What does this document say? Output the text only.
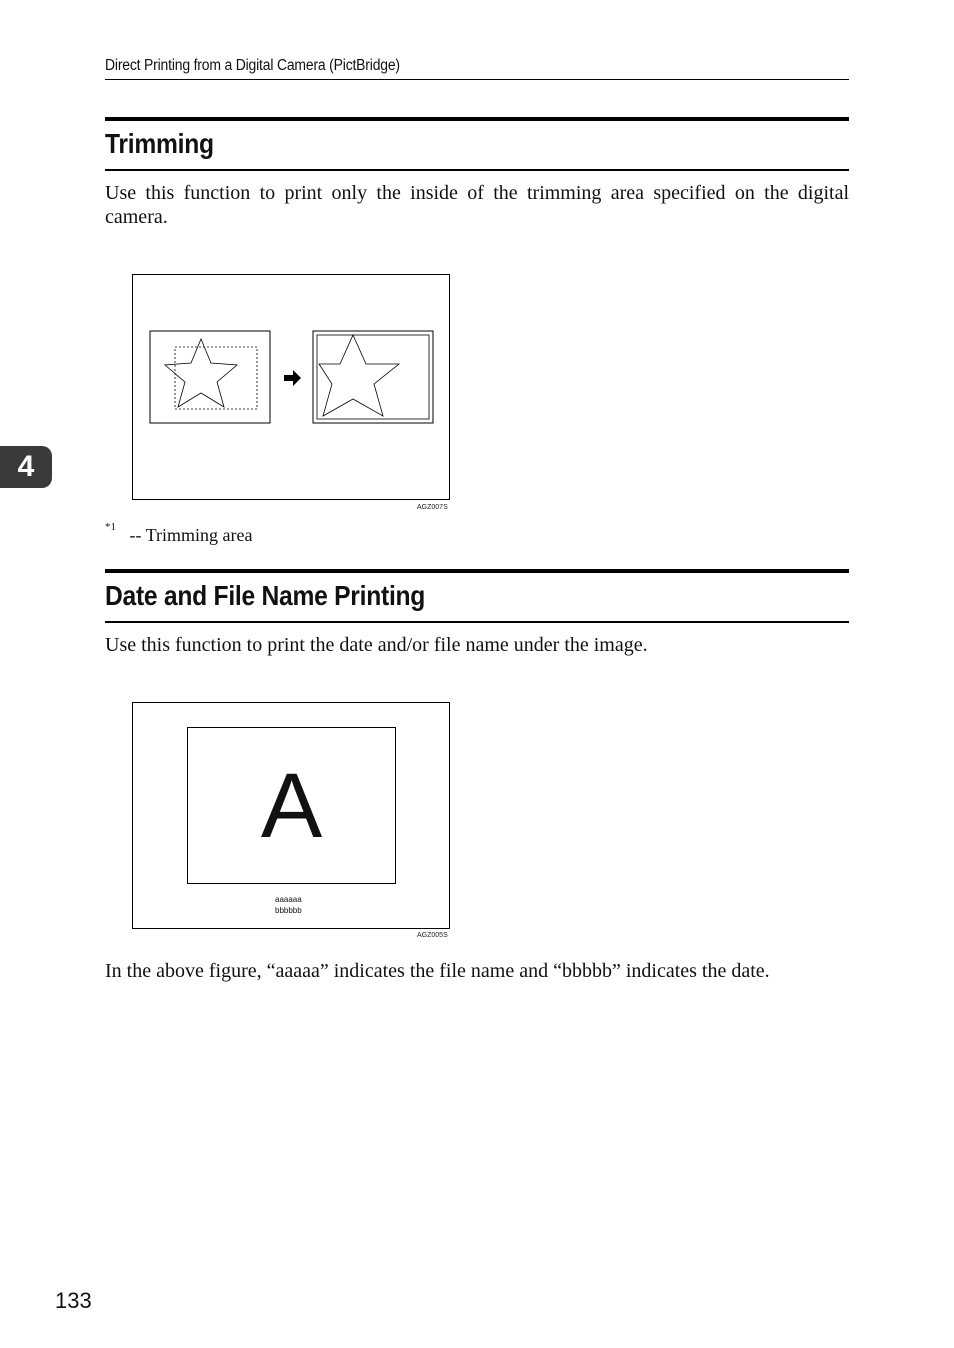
Direct Printing from a Digital Camera (PictBridge)
4
Trimming
Use this function to print only the inside of the trimming area specified on the digital camera.
AGZ007S
$^{*1}$ -- Trimming area
Date and File Name Printing
Use this function to print the date and/or file name under the image.
A
aaaaaa
bbbbbb
AGZ005S
In the above figure, “aaaaa” indicates the file name and “bbbbb” indicates the date.
133
